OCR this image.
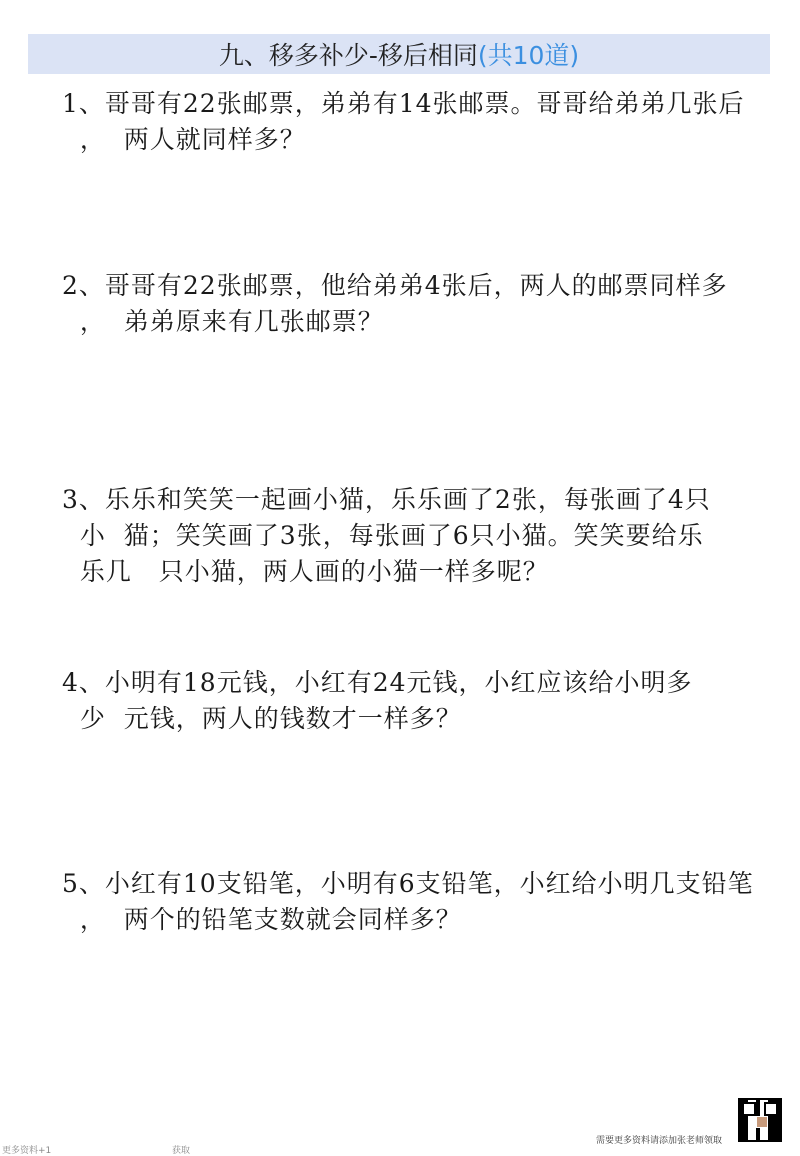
九、移多补少-移后相同 (共10道)
1、哥哥有22张邮票，弟弟有14张邮票。哥哥给弟弟几张后
，  两人就同样多？
2、哥哥有22张邮票，他给弟弟4张后，两人的邮票同样多
，  弟弟原来有几张邮票？
3、乐乐和笑笑一起画小猫，乐乐画了2张，每张画了4只
小  猫；笑笑画了3张，每张画了6只小猫。笑笑要给乐
乐几   只小猫，两人画的小猫一样多呢？
4、小明有18元钱，小红有24元钱，小红应该给小明多
少  元钱，两人的钱数才一样多？
5、小红有10支铅笔，小明有6支铅笔，小红给小明几支铅笔
，  两个的铅笔支数就会同样多？
需要更多资料请添加张老师领取
更多资料+1	获取
